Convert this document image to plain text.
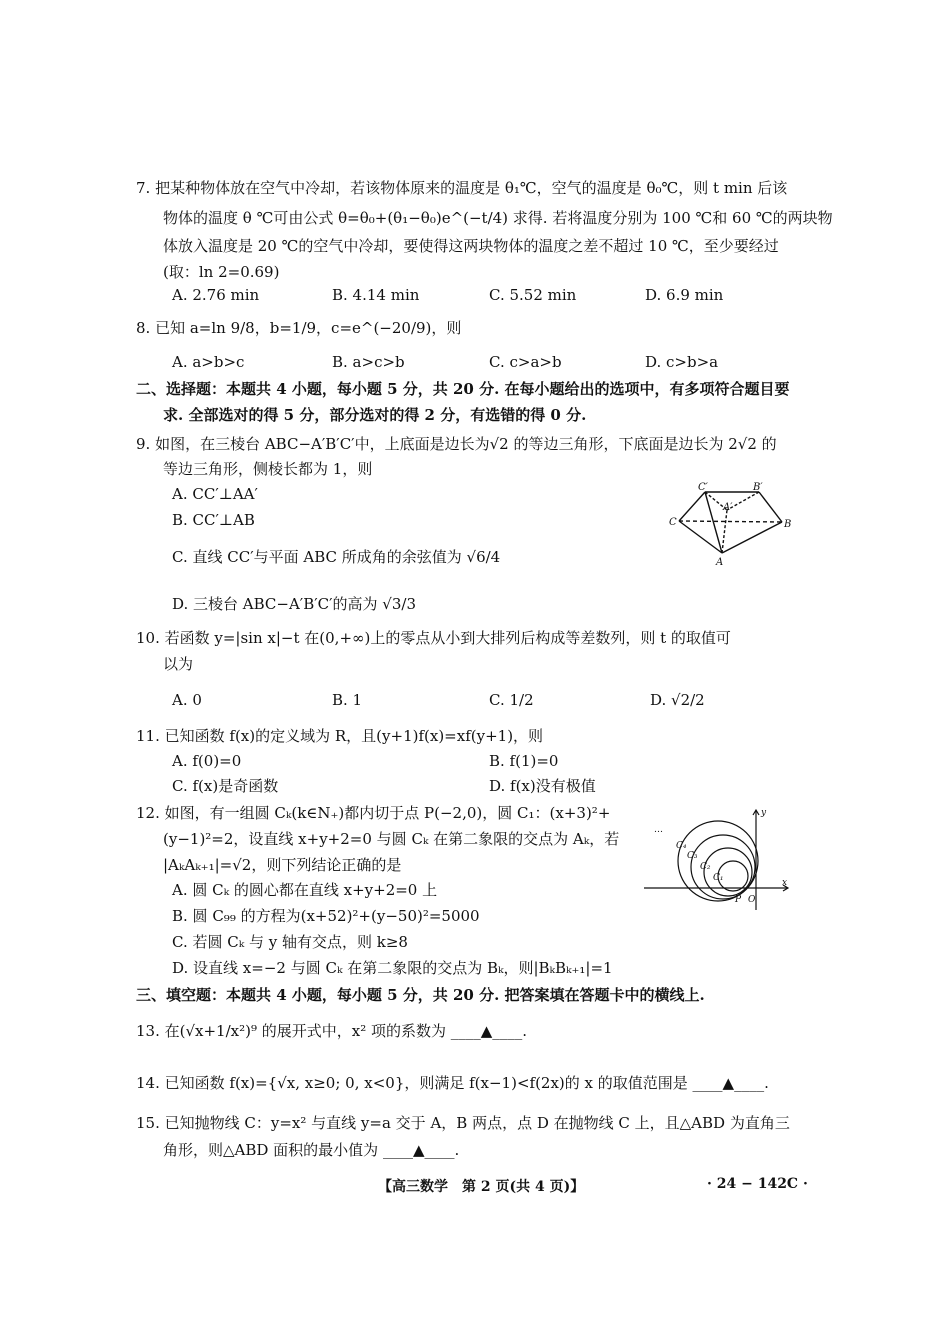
7. 把某种物体放在空气中冷却，若该物体原来的温度是 θ₁℃，空气的温度是 θ₀℃，则 t min 后该
物体的温度 θ ℃可由公式 θ=θ₀+(θ₁−θ₀)e^(−t/4) 求得. 若将温度分别为 100 ℃和 60 ℃的两块物
体放入温度是 20 ℃的空气中冷却，要使得这两块物体的温度之差不超过 10 ℃，至少要经过
(取：ln 2=0.69)
A. 2.76 min	B. 4.14 min	C. 5.52 min	D. 6.9 min
8. 已知 a=ln 9/8，b=1/9，c=e^(−20/9)，则
A. a>b>c	B. a>c>b	C. c>a>b	D. c>b>a
二、选择题：本题共 4 小题，每小题 5 分，共 20 分. 在每小题给出的选项中，有多项符合题目要
求. 全部选对的得 5 分，部分选对的得 2 分，有选错的得 0 分.
9. 如图，在三棱台 ABC−A′B′C′中，上底面是边长为√2 的等边三角形，下底面是边长为 2√2 的
等边三角形，侧棱长都为 1，则
A. CC′⊥AA′
B. CC′⊥AB
C. 直线 CC′与平面 ABC 所成角的余弦值为 √6/4
D. 三棱台 ABC−A′B′C′的高为 √3/3
C′
A′
B′
C	B
A
10. 若函数 y=|sin x|−t 在(0,+∞)上的零点从小到大排列后构成等差数列，则 t 的取值可
以为
A. 0	B. 1	C. 1/2	D. √2/2
11. 已知函数 f(x)的定义域为 R，且(y+1)f(x)=xf(y+1)，则
A. f(0)=0	B. f(1)=0
C. f(x)是奇函数	D. f(x)没有极值
12. 如图，有一组圆 Cₖ(k∈N₊)都内切于点 P(−2,0)，圆 C₁：(x+3)²+
(y−1)²=2，设直线 x+y+2=0 与圆 Cₖ 在第二象限的交点为 Aₖ，若
|AₖAₖ₊₁|=√2，则下列结论正确的是
A. 圆 Cₖ 的圆心都在直线 x+y+2=0 上
B. 圆 C₉₉ 的方程为(x+52)²+(y−50)²=5000
C. 若圆 Cₖ 与 y 轴有交点，则 k≥8
D. 设直线 x=−2 与圆 Cₖ 在第二象限的交点为 Bₖ，则|BₖBₖ₊₁|=1
…
y
C₄
C₃
C₂
C₁	x
P O
三、填空题：本题共 4 小题，每小题 5 分，共 20 分. 把答案填在答题卡中的横线上.
13. 在(√x+1/x²)⁹ 的展开式中，x² 项的系数为 ____▲____.
14. 已知函数 f(x)={√x, x≥0; 0, x<0}，则满足 f(x−1)<f(2x)的 x 的取值范围是 ____▲____.
15. 已知抛物线 C：y=x² 与直线 y=a 交于 A，B 两点，点 D 在抛物线 C 上，且△ABD 为直角三
角形，则△ABD 面积的最小值为 ____▲____.
【高三数学　第 2 页(共 4 页)】	· 24 − 142C ·
